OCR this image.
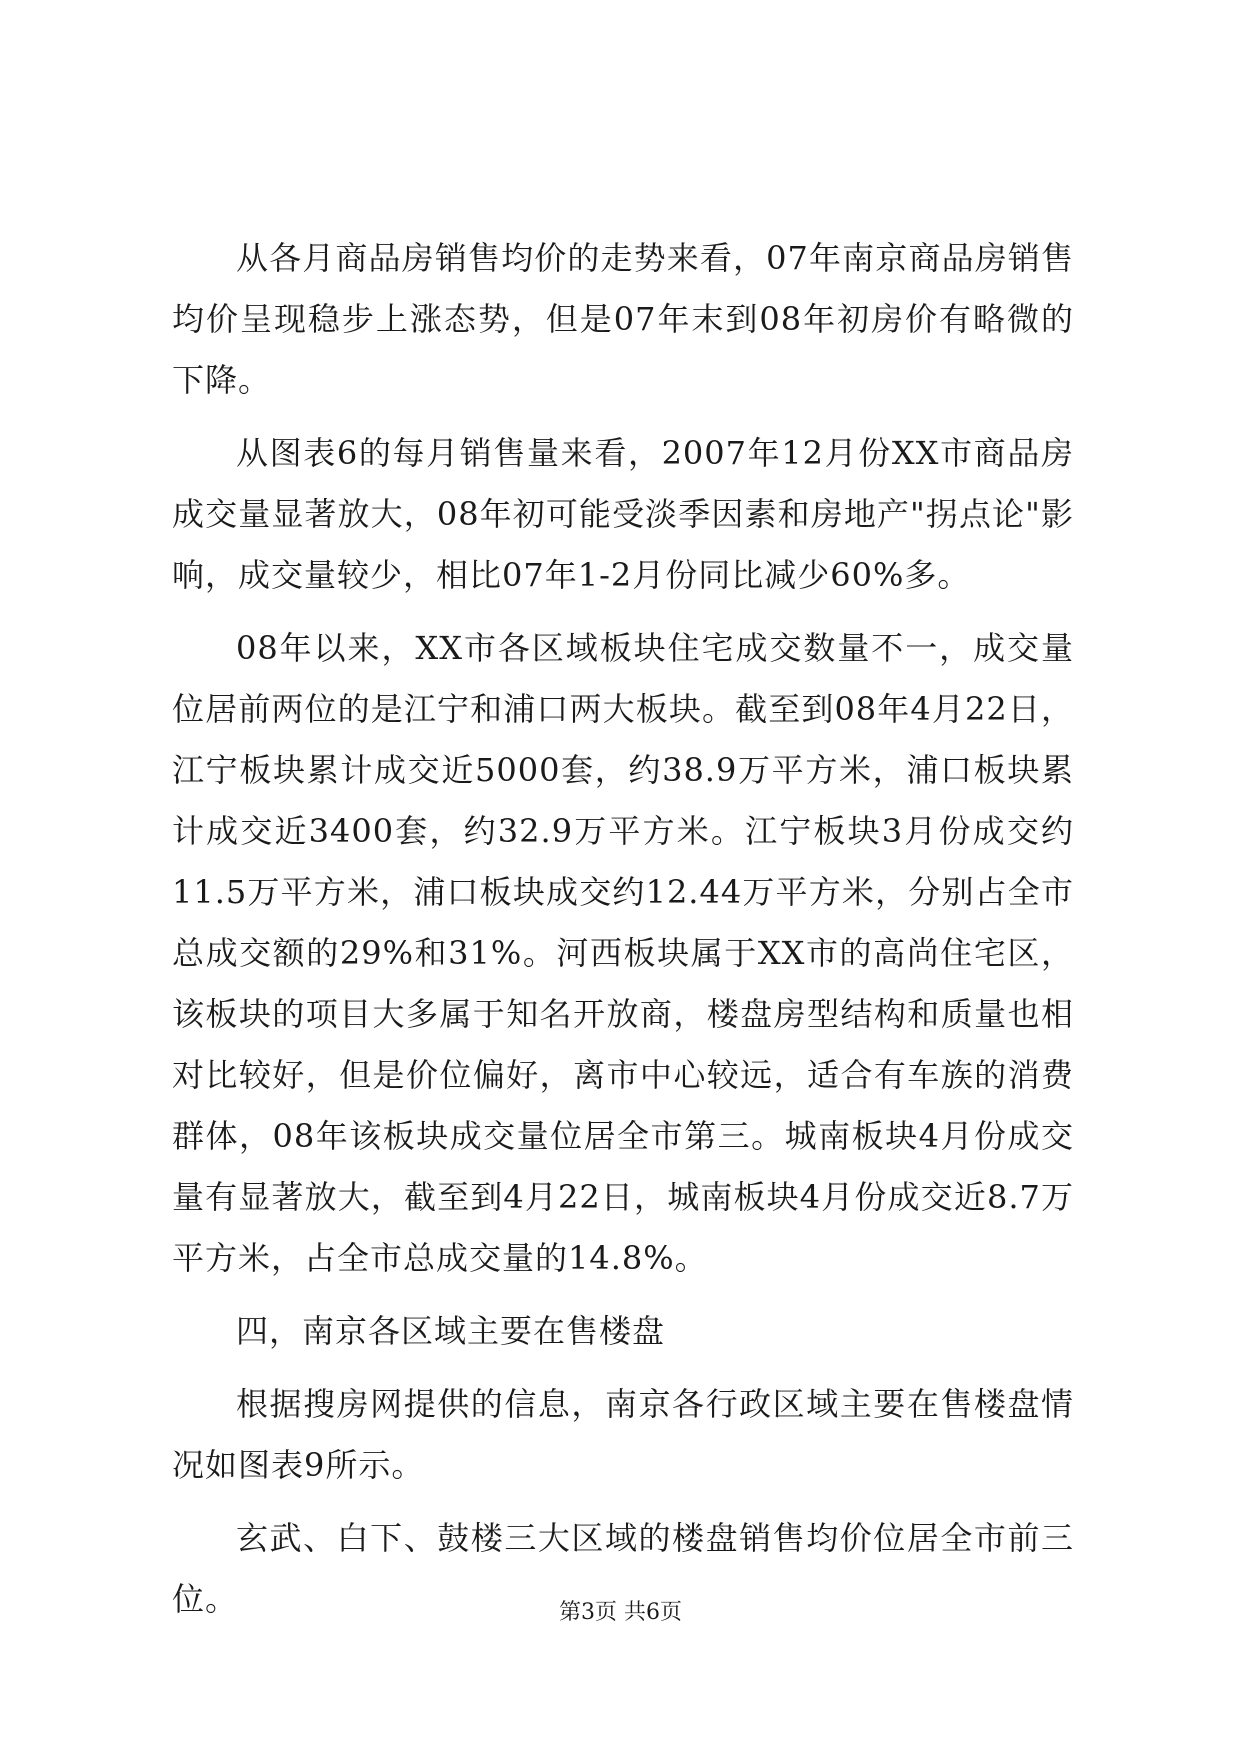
从各月商品房销售均价的走势来看，07年南京商品房销售均价呈现稳步上涨态势，但是07年末到08年初房价有略微的下降。

从图表6的每月销售量来看，2007年12月份XX市商品房成交量显著放大，08年初可能受淡季因素和房地产"拐点论"影响，成交量较少，相比07年1-2月份同比减少60%多。

08年以来，XX市各区域板块住宅成交数量不一，成交量位居前两位的是江宁和浦口两大板块。截至到08年4月22日，江宁板块累计成交近5000套，约38.9万平方米，浦口板块累计成交近3400套，约32.9万平方米。江宁板块3月份成交约11.5万平方米，浦口板块成交约12.44万平方米，分别占全市总成交额的29%和31%。河西板块属于XX市的高尚住宅区，该板块的项目大多属于知名开放商，楼盘房型结构和质量也相对比较好，但是价位偏好，离市中心较远，适合有车族的消费群体，08年该板块成交量位居全市第三。城南板块4月份成交量有显著放大，截至到4月22日，城南板块4月份成交近8.7万平方米，占全市总成交量的14.8%。

四，南京各区域主要在售楼盘

根据搜房网提供的信息，南京各行政区域主要在售楼盘情况如图表9所示。

玄武、白下、鼓楼三大区域的楼盘销售均价位居全市前三位。	第3页 共6页
